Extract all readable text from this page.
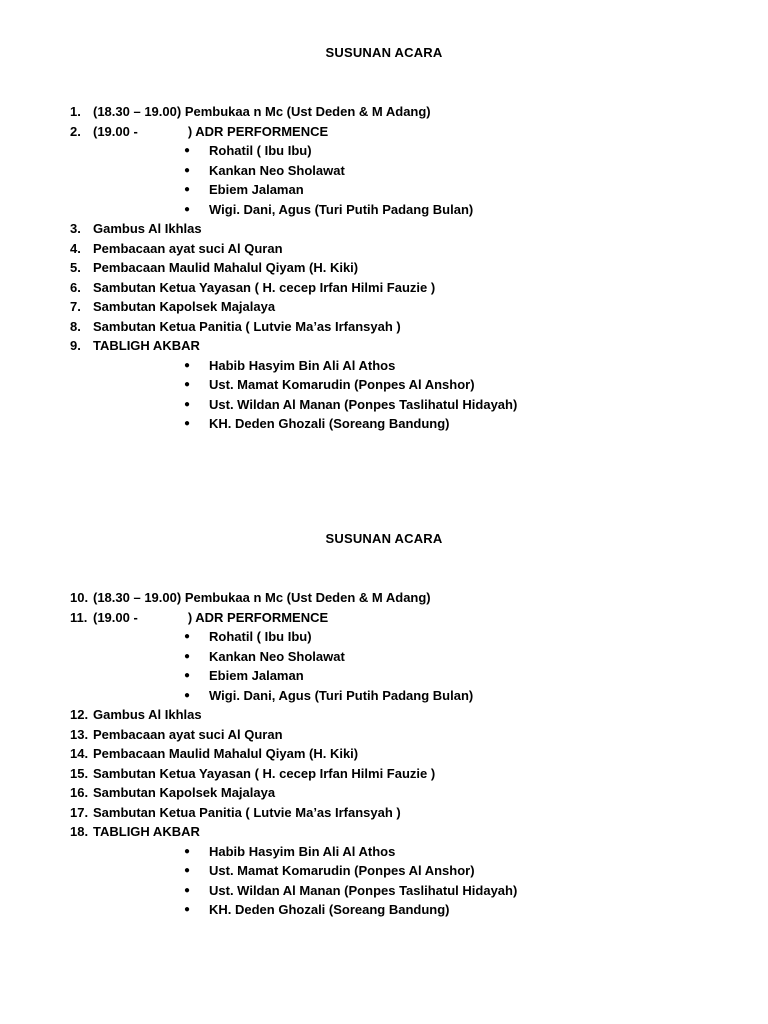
SUSUNAN ACARA
1. (18.30 – 19.00) Pembukaa n Mc (Ust Deden & M Adang)
2. (19.00 -	) ADR PERFORMENCE
● Rohatil ( Ibu Ibu)
● Kankan Neo Sholawat
● Ebiem Jalaman
● Wigi. Dani, Agus (Turi Putih Padang Bulan)
3. Gambus Al Ikhlas
4. Pembacaan ayat suci Al Quran
5. Pembacaan Maulid Mahalul Qiyam (H. Kiki)
6. Sambutan Ketua Yayasan ( H. cecep Irfan Hilmi Fauzie )
7. Sambutan Kapolsek Majalaya
8. Sambutan Ketua Panitia ( Lutvie Ma’as Irfansyah )
9. TABLIGH AKBAR
● Habib Hasyim Bin Ali Al Athos
● Ust. Mamat Komarudin (Ponpes Al Anshor)
● Ust. Wildan Al Manan (Ponpes Taslihatul Hidayah)
● KH. Deden Ghozali (Soreang Bandung)
SUSUNAN ACARA
10. (18.30 – 19.00) Pembukaa n Mc (Ust Deden & M Adang)
11. (19.00 -	) ADR PERFORMENCE
● Rohatil ( Ibu Ibu)
● Kankan Neo Sholawat
● Ebiem Jalaman
● Wigi. Dani, Agus (Turi Putih Padang Bulan)
12. Gambus Al Ikhlas
13. Pembacaan ayat suci Al Quran
14. Pembacaan Maulid Mahalul Qiyam (H. Kiki)
15. Sambutan Ketua Yayasan ( H. cecep Irfan Hilmi Fauzie )
16. Sambutan Kapolsek Majalaya
17. Sambutan Ketua Panitia ( Lutvie Ma’as Irfansyah )
18. TABLIGH AKBAR
● Habib Hasyim Bin Ali Al Athos
● Ust. Mamat Komarudin (Ponpes Al Anshor)
● Ust. Wildan Al Manan (Ponpes Taslihatul Hidayah)
● KH. Deden Ghozali (Soreang Bandung)
